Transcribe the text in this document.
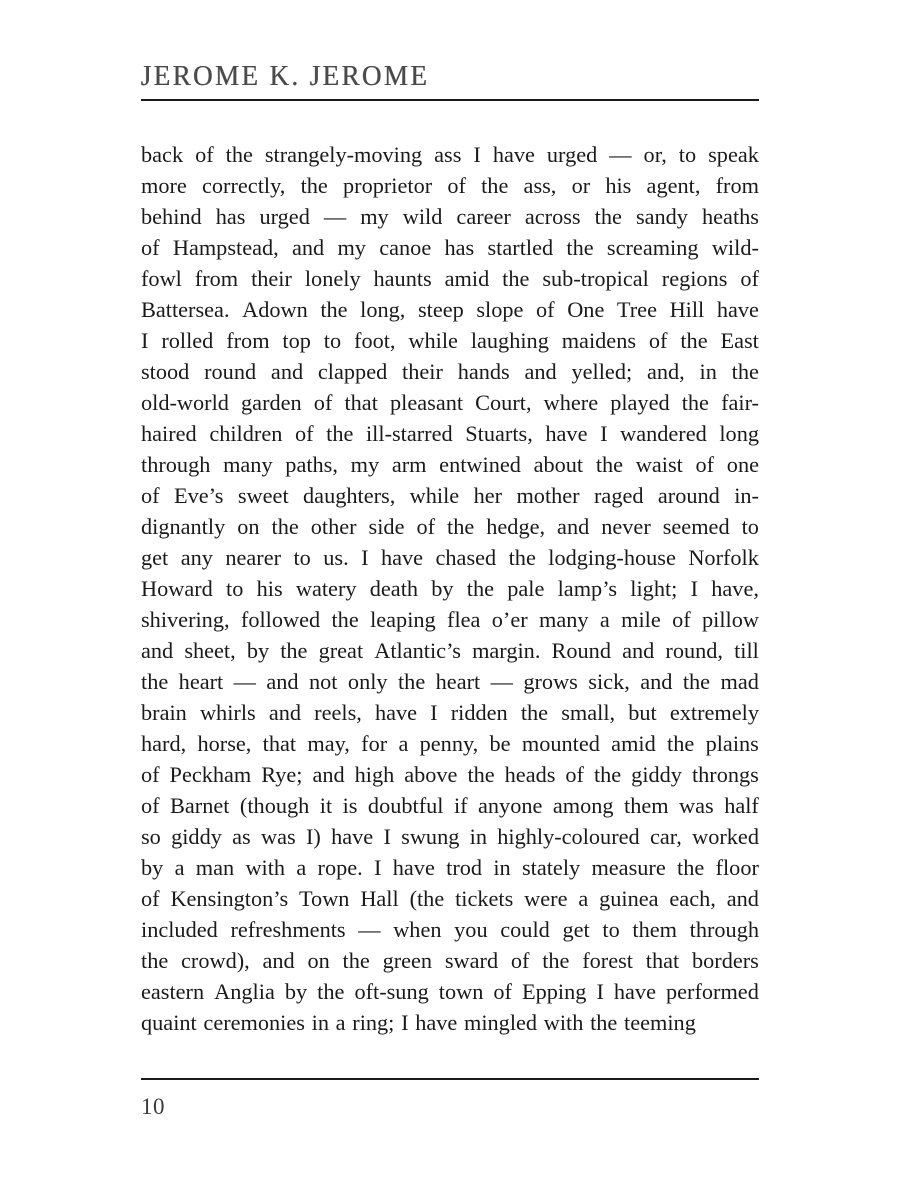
JEROME K. JEROME
back of the strangely-moving ass I have urged — or, to speak
more correctly, the proprietor of the ass, or his agent, from
behind has urged — my wild career across the sandy heaths
of Hampstead, and my canoe has startled the screaming wild-
fowl from their lonely haunts amid the sub-tropical regions of
Battersea. Adown the long, steep slope of One Tree Hill have
I rolled from top to foot, while laughing maidens of the East
stood round and clapped their hands and yelled; and, in the
old-world garden of that pleasant Court, where played the fair-
haired children of the ill-starred Stuarts, have I wandered long
through many paths, my arm entwined about the waist of one
of Eve’s sweet daughters, while her mother raged around in-
dignantly on the other side of the hedge, and never seemed to
get any nearer to us. I have chased the lodging-house Norfolk
Howard to his watery death by the pale lamp’s light; I have,
shivering, followed the leaping flea o’er many a mile of pillow
and sheet, by the great Atlantic’s margin. Round and round, till
the heart — and not only the heart — grows sick, and the mad
brain whirls and reels, have I ridden the small, but extremely
hard, horse, that may, for a penny, be mounted amid the plains
of Peckham Rye; and high above the heads of the giddy throngs
of Barnet (though it is doubtful if anyone among them was half
so giddy as was I) have I swung in highly-coloured car, worked
by a man with a rope. I have trod in stately measure the floor
of Kensington’s Town Hall (the tickets were a guinea each, and
included refreshments — when you could get to them through
the crowd), and on the green sward of the forest that borders
eastern Anglia by the oft-sung town of Epping I have performed
quaint ceremonies in a ring; I have mingled with the teeming
10
